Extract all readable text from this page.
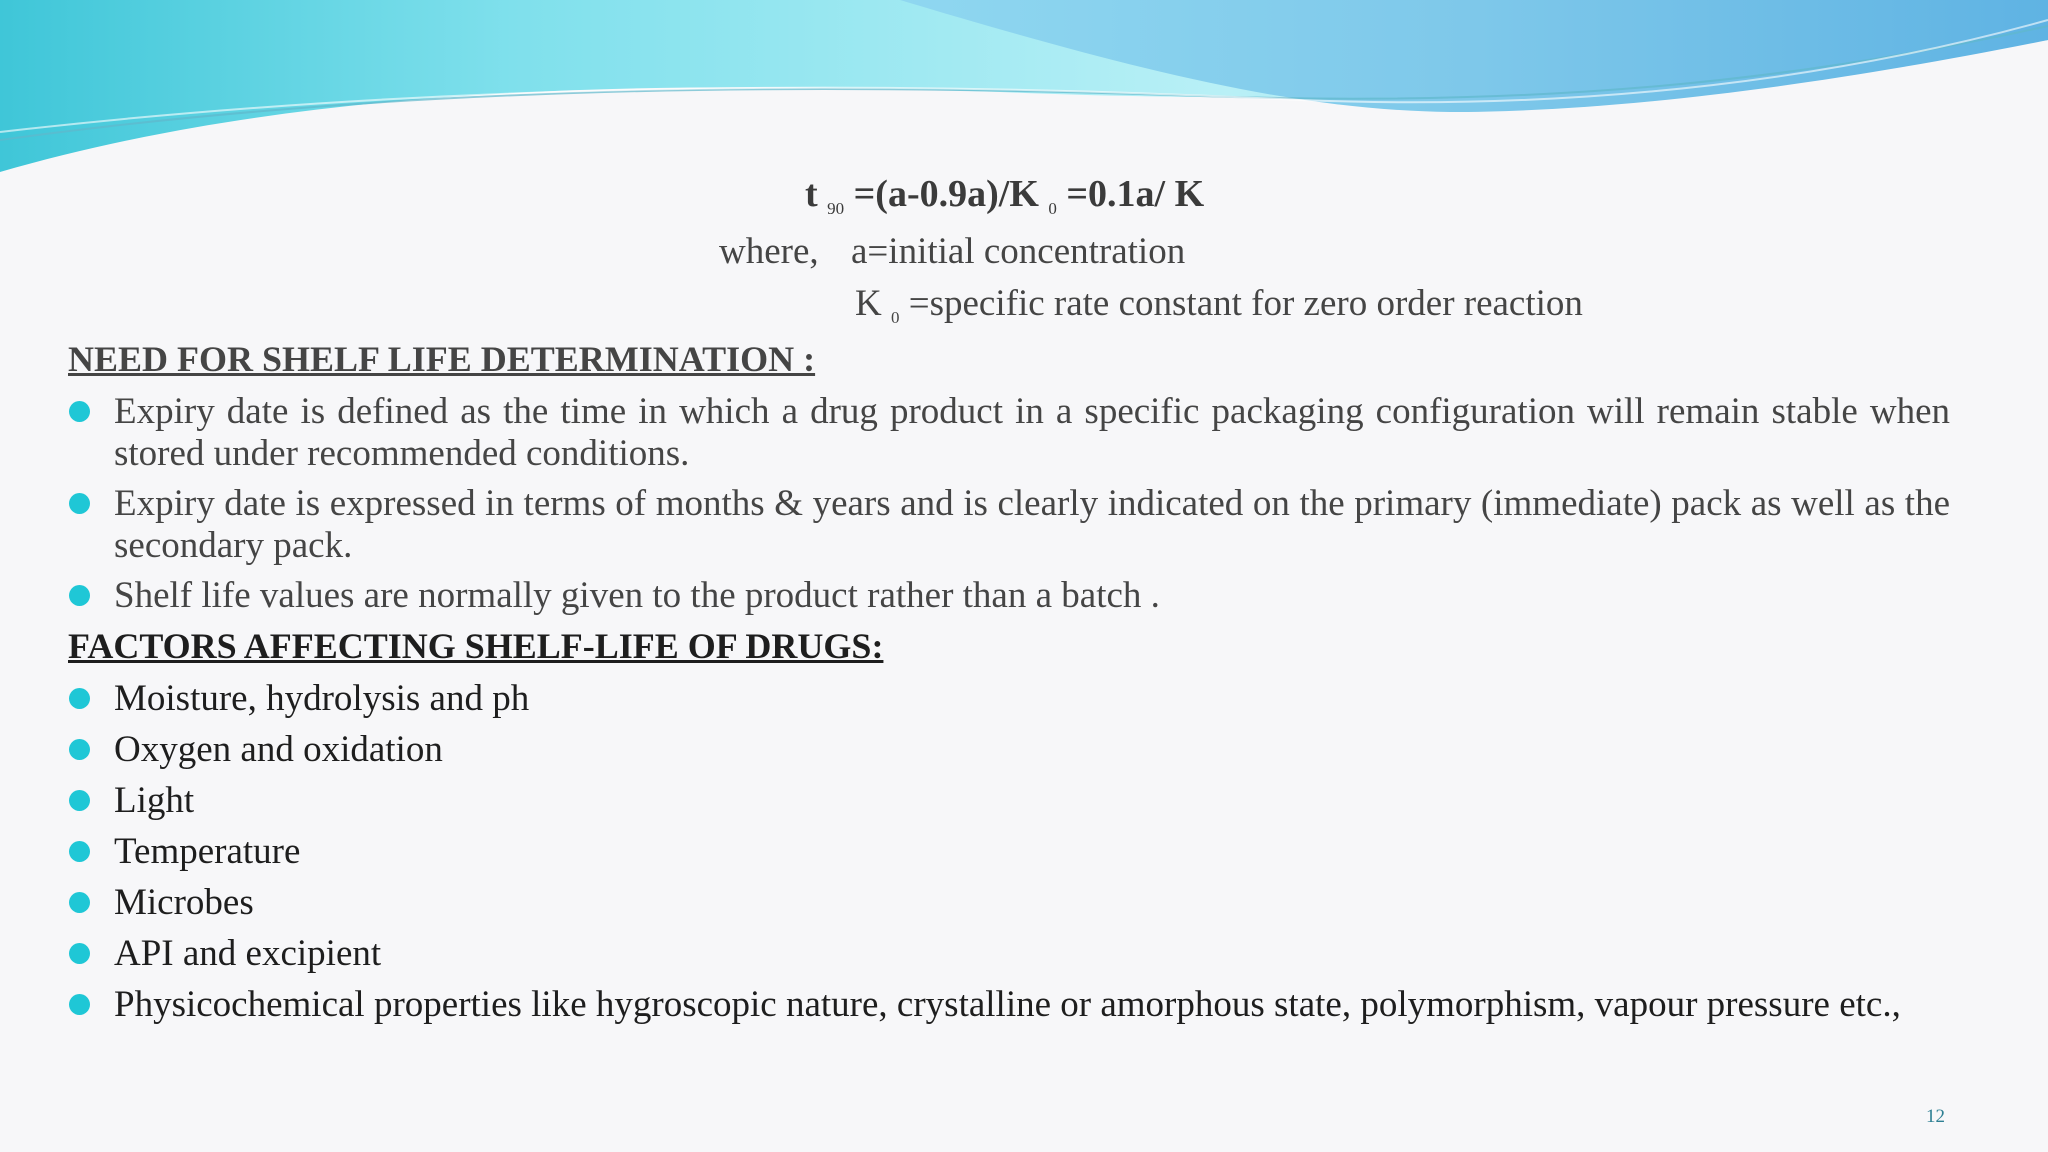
t $_{90}$ =(a-0.9a)/K $_0$ =0.1a/ K
where, a=initial concentration
K $_0$ =specific rate constant for zero order reaction
NEED FOR SHELF LIFE DETERMINATION :
Expiry date is defined as the time in which a drug product in a specific packaging configuration will remain stable when stored under recommended conditions.
Expiry date is expressed in terms of months & years and is clearly indicated on the primary (immediate) pack as well as the secondary pack.
Shelf life values are normally given to the product rather than a batch .
FACTORS AFFECTING SHELF-LIFE OF DRUGS:
Moisture, hydrolysis and ph
Oxygen and oxidation
Light
Temperature
Microbes
API and excipient
Physicochemical properties like hygroscopic nature, crystalline or amorphous state, polymorphism, vapour pressure etc.,
12
